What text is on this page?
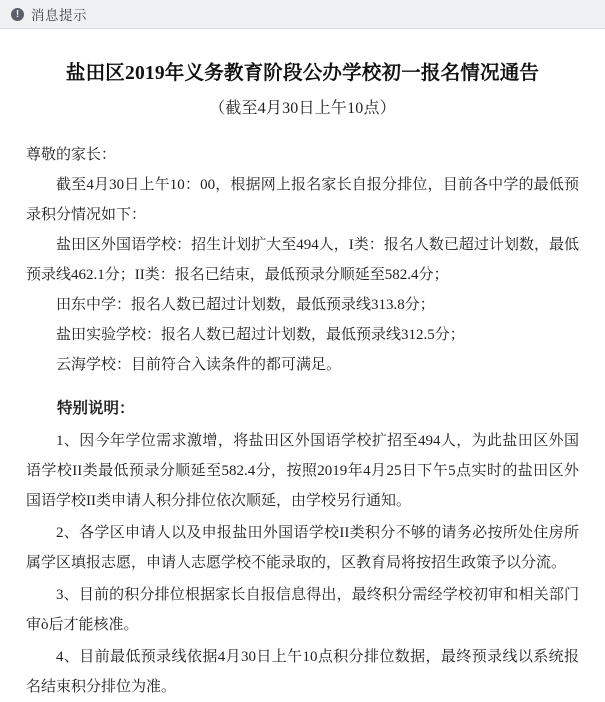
! 消息提示
盐田区2019年义务教育阶段公办学校初一报名情况通告
（截至4月30日上午10点）

尊敬的家长：

截至4月30日上午10：00，根据网上报名家长自报分排位，目前各中学的最低预录积分情况如下：

盐田区外国语学校：招生计划扩大至494人，I类：报名人数已超过计划数，最低预录线462.1分；II类：报名已结束，最低预录分顺延至582.4分；

田东中学：报名人数已超过计划数，最低预录线313.8分；

盐田实验学校：报名人数已超过计划数，最低预录线312.5分；

云海学校：目前符合入读条件的都可满足。

特别说明：

1、因今年学位需求激增，将盐田区外国语学校扩招至494人，为此盐田区外国语学校II类最低预录分顺延至582.4分，按照2019年4月25日下午5点实时的盐田区外国语学校II类申请人积分排位依次顺延，由学校另行通知。

2、各学区申请人以及申报盐田外国语学校II类积分不够的请务必按所处住房所属学区填报志愿，申请人志愿学校不能录取的，区教育局将按招生政策予以分流。

3、目前的积分排位根据家长自报信息得出，最终积分需经学校初审和相关部门审ò后才能核准。

4、目前最低预录线依据4月30日上午10点积分排位数据，最终预录线以系统报名结束积分排位为准。
